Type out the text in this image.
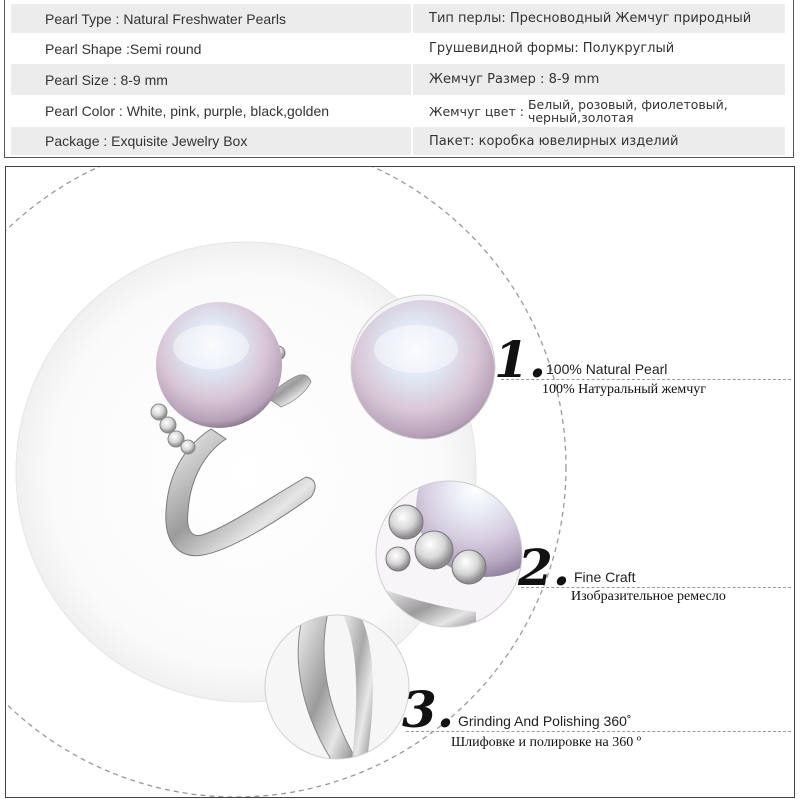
Pearl Type : Natural Freshwater Pearls	Тип перлы: Пресноводный Жемчуг природный
Pearl Shape :Semi round	Грушевидной формы: Полукруглый
Pearl Size : 8-9 mm	Жемчуг Размер : 8-9 mm
Pearl Color : White, pink, purple, black,golden	Жемчуг цвет : Белый, розовый, фиолетовый,
черный,золотая
Package : Exquisite Jewelry Box	Пакет: коробка ювелирных изделий
1. 100% Natural Pearl
100% Натуральный жемчуг
2. Fine Craft
Изобразительное ремесло
3. Grinding And Polishing 360˚
Шлифовке и полировке на 360 º
